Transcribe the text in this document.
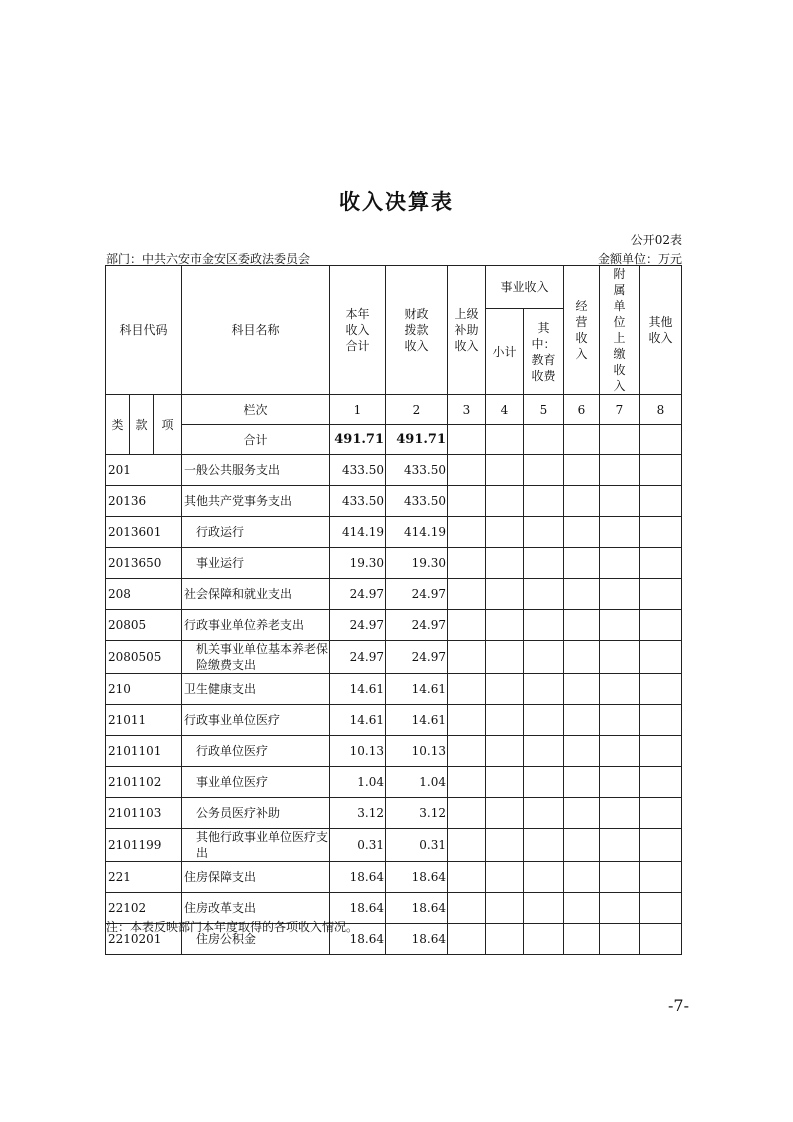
收入决算表
公开02表
部门：中共六安市金安区委政法委员会	金额单位：万元
科目代码			科目名称	本年收入合计	财政拨款收入	上级补助收入	事业收入		经营收入	附属单位上缴收入	其他收入
							小计	其中：教育收费			
类	款	项	栏次	1	2	3	4	5	6	7	8
			合计	491.71	491.71						
201			一般公共服务支出	433.50	433.50						
20136			其他共产党事务支出	433.50	433.50						
2013601			行政运行	414.19	414.19						
2013650			事业运行	19.30	19.30						
208			社会保障和就业支出	24.97	24.97						
20805			行政事业单位养老支出	24.97	24.97						
2080505			机关事业单位基本养老保险缴费支出	24.97	24.97						
210			卫生健康支出	14.61	14.61						
21011			行政事业单位医疗	14.61	14.61						
2101101			行政单位医疗	10.13	10.13						
2101102			事业单位医疗	1.04	1.04						
2101103			公务员医疗补助	3.12	3.12						
2101199			其他行政事业单位医疗支出	0.31	0.31						
221			住房保障支出	18.64	18.64						
22102			住房改革支出	18.64	18.64						
2210201			住房公积金	18.64	18.64						
注：本表反映部门本年度取得的各项收入情况。
-7-
